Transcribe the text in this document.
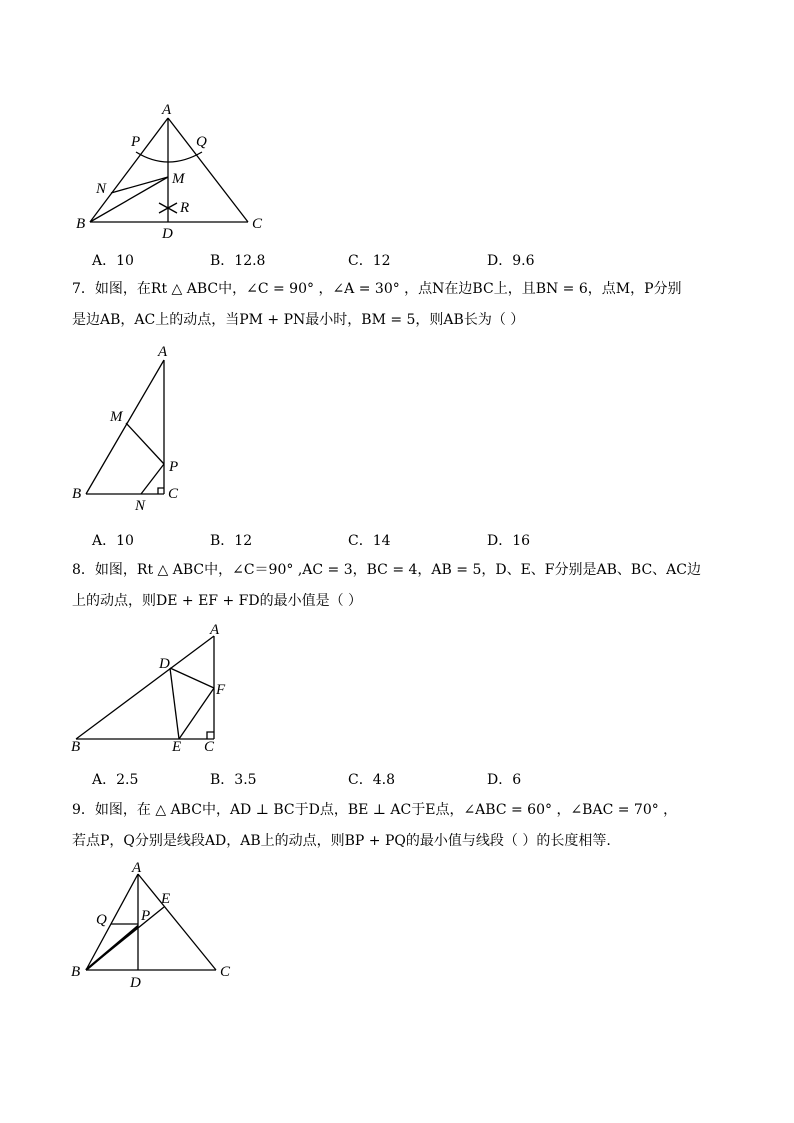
A
P	Q
N
M
R
B
D
C
A．10	B．12.8	C．12	D．9.6

7．如图，在Rt △ ABC中，∠C = 90° ，∠A = 30° ，点N在边BC上，且BN = 6，点M，P分别

是边AB，AC上的动点，当PM + PN最小时，BM = 5，则AB长为（ ）

A
M
P
B
N
C
A．10	B．12	C．14	D．16

8．如图，Rt △ ABC中，∠C＝90° ,AC = 3，BC = 4，AB = 5，D、E、F分别是AB、BC、AC边

上的动点，则DE + EF + FD的最小值是（ ）

A
D
F
B	E C
A．2.5	B．3.5	C．4.8	D．6

9．如图，在 △ ABC中，AD ⊥ BC于D点，BE ⊥ AC于E点，∠ABC = 60° ，∠BAC = 70° ，

若点P，Q分别是线段AD，AB上的动点，则BP + PQ的最小值与线段（ ）的长度相等.

A
E
Q P
B
D
C
